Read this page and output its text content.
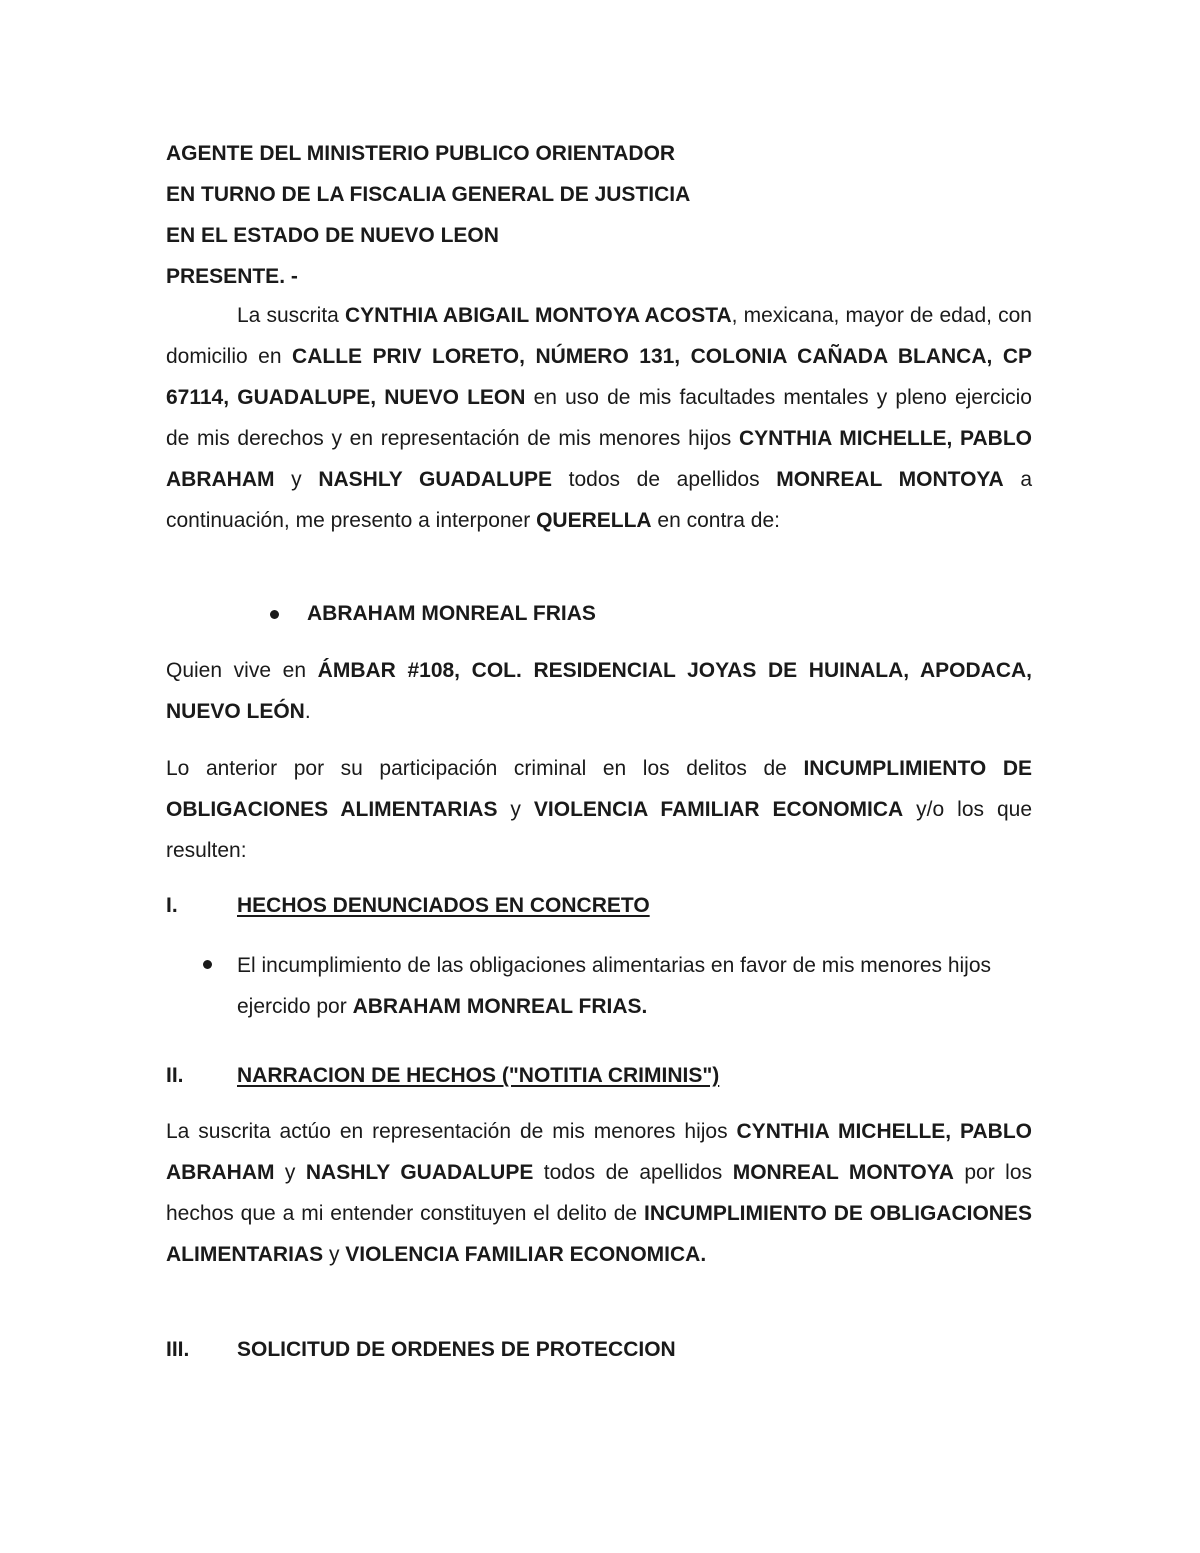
AGENTE DEL MINISTERIO PUBLICO ORIENTADOR
EN TURNO DE LA FISCALIA GENERAL DE JUSTICIA
EN EL ESTADO DE NUEVO LEON
PRESENTE. -
La suscrita CYNTHIA ABIGAIL MONTOYA ACOSTA, mexicana, mayor de edad, con domicilio en CALLE PRIV LORETO, NÚMERO 131, COLONIA CAÑADA BLANCA, CP 67114, GUADALUPE, NUEVO LEON en uso de mis facultades mentales y pleno ejercicio de mis derechos y en representación de mis menores hijos CYNTHIA MICHELLE, PABLO ABRAHAM y NASHLY GUADALUPE todos de apellidos MONREAL MONTOYA a continuación, me presento a interponer QUERELLA en contra de:
ABRAHAM MONREAL FRIAS
Quien vive en ÁMBAR #108, COL. RESIDENCIAL JOYAS DE HUINALA, APODACA, NUEVO LEÓN.
Lo anterior por su participación criminal en los delitos de INCUMPLIMIENTO DE OBLIGACIONES ALIMENTARIAS y VIOLENCIA FAMILIAR ECONOMICA y/o los que resulten:
I.	HECHOS DENUNCIADOS EN CONCRETO
El incumplimiento de las obligaciones alimentarias en favor de mis menores hijos ejercido por ABRAHAM MONREAL FRIAS.
II.	NARRACION DE HECHOS ("NOTITIA CRIMINIS")
La suscrita actúo en representación de mis menores hijos CYNTHIA MICHELLE, PABLO ABRAHAM y NASHLY GUADALUPE todos de apellidos MONREAL MONTOYA por los hechos que a mi entender constituyen el delito de INCUMPLIMIENTO DE OBLIGACIONES ALIMENTARIAS y VIOLENCIA FAMILIAR ECONOMICA.
III. SOLICITUD DE ORDENES DE PROTECCION
